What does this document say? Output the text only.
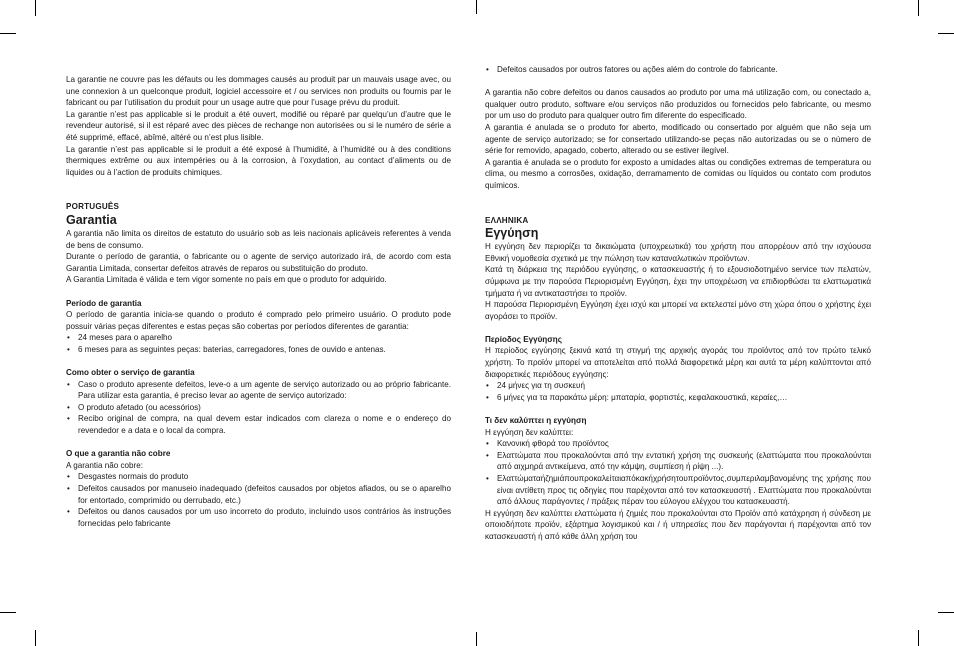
La garantie ne couvre pas les défauts ou les dommages causés au produit par un mauvais usage avec, ou une connexion à un quelconque produit, logiciel accessoire et / ou services non produits ou fournis par le fabricant ou par l’utilisation du produit pour un usage autre que pour l’usage prévu du produit.

La garantie n’est pas applicable si le produit a été ouvert, modifié ou réparé par quelqu’un d’autre que le revendeur autorisé, si il est réparé avec des pièces de rechange non autorisées ou si le numéro de série a été supprimé, effacé, abîmé, altéré ou n’est plus lisible.

La garantie n’est pas applicable si le produit a été exposé à l’humidité, à l’humidité ou à des conditions thermiques extrême ou aux intempéries ou à la corrosion, à l’oxydation, au contact d’aliments ou de liquides ou à l’action de produits chimiques.

PORTUGUÊS
Garantia

A garantia não limita os direitos de estatuto do usuário sob as leis nacionais aplicáveis referentes à venda de bens de consumo.

Durante o período de garantia, o fabricante ou o agente de serviço autorizado irá, de acordo com esta Garantia Limitada, consertar defeitos através de reparos ou substituição do produto.

A Garantia Limitada é válida e tem vigor somente no país em que o produto for adquirido.

Período de garantia

O período de garantia inicia-se quando o produto é comprado pelo primeiro usuário. O produto pode possuir várias peças diferentes e estas peças são cobertas por períodos diferentes de garantia:

• 24 meses para o aparelho
• 6 meses para as seguintes peças: baterias, carregadores, fones de ouvido e antenas.
Como obter o serviço de garantia
• Caso o produto apresente defeitos, leve-o a um agente de serviço autorizado ou ao próprio fabricante. Para utilizar esta garantia, é preciso levar ao agente de serviço autorizado:
• O produto afetado (ou acessórios)
• Recibo original de compra, na qual devem estar indicados com clareza o nome e o endereço do revendedor e a data e o local da compra.
O que a garantia não cobre

A garantia não cobre:

• Desgastes normais do produto
• Defeitos causados por manuseio inadequado (defeitos causados por objetos afiados, ou se o aparelho for entortado, comprimido ou derrubado, etc.)
• Defeitos ou danos causados por um uso incorreto do produto, incluindo usos contrários às instruções fornecidas pelo fabricante
• Defeitos causados por outros fatores ou ações além do controle do fabricante.

A garantia não cobre defeitos ou danos causados ao produto por uma má utilização com, ou conectado a, qualquer outro produto, software e/ou serviços não produzidos ou fornecidos pelo fabricante, ou mesmo por um uso do produto para qualquer outro fim diferente do especificado.

A garantia é anulada se o produto for aberto, modificado ou consertado por alguém que não seja um agente de serviço autorizado; se for consertado utilizando-se peças não autorizadas ou se o número de série for removido, apagado, coberto, alterado ou se estiver ilegível.

A garantia é anulada se o produto for exposto a umidades altas ou condições extremas de temperatura ou clima, ou mesmo a corrosões, oxidação, derramamento de comidas ou líquidos ou contato com produtos químicos.

ΕΛΛΗΝΙΚΑ
Εγγύηση

Η εγγύηση δεν περιορίζει τα δικαιώματα (υποχρεωτικά) του χρήστη που απορρέουν από την ισχύουσα Εθνική νομοθεσία σχετικά με την πώληση των καταναλωτικών προϊόντων.

Κατά τη διάρκεια της περιόδου εγγύησης, ο κατασκευαστής ή το εξουσιοδοτημένο service των πελατών, σύμφωνα με την παρούσα Περιορισμένη Εγγύηση, έχει την υποχρέωση να επιδιορθώσει τα ελαττωματικά τμήματα ή να αντικαταστήσει το προϊόν.

Η παρούσα Περιορισμένη Εγγύηση έχει ισχύ και μπορεί να εκτελεστεί μόνο στη χώρα όπου ο χρήστης έχει αγοράσει το προϊόν.

Περίοδος Εγγύησης

Η περίοδος εγγύησης ξεκινά κατά τη στιγμή της αρχικής αγοράς του προϊόντος από τον πρώτο τελικό χρήστη. Το προϊόν μπορεί να αποτελείται από πολλά διαφορετικά μέρη και αυτά τα μέρη καλύπτονται από διαφορετικές περιόδους εγγύησης:

• 24 μήνες για τη συσκευή
• 6 μήνες για τα παρακάτω μέρη: μπαταρία, φορτιστές, κεφαλακουστικά, κεραίες,…
Τι δεν καλύπτει η εγγύηση

Η εγγύηση δεν καλύπτει:

• Κανονική φθορά του προϊόντος
• Ελαττώματα που προκαλούνται από την εντατική χρήση της συσκευής (ελαττώματα που προκαλούνται από αιχμηρά αντικείμενα, από την κάμψη, συμπίεση ή ρίψη ...).
• Ελαττώματαήζημιάπουπροκαλείταιαπόκακήχρήσητουπροϊόντος,συμπεριλαμβανομένης της χρήσης που είναι αντίθετη προς τις οδηγίες που παρέχονται από τον κατασκευαστή . Ελαττώματα που προκαλούνται από άλλους παράγοντες / πράξεις πέραν του εύλογου ελέγχου του κατασκευαστή.

Η εγγύηση δεν καλύπτει ελαττώματα ή ζημιές που προκαλούνται στο Προϊόν από κατάχρηση ή σύνδεση με οποιοδήποτε προϊόν, εξάρτημα λογισμικού και / ή υπηρεσίες που δεν παράγονται ή παρέχονται από τον κατασκευαστή ή από κάθε άλλη χρήση του
